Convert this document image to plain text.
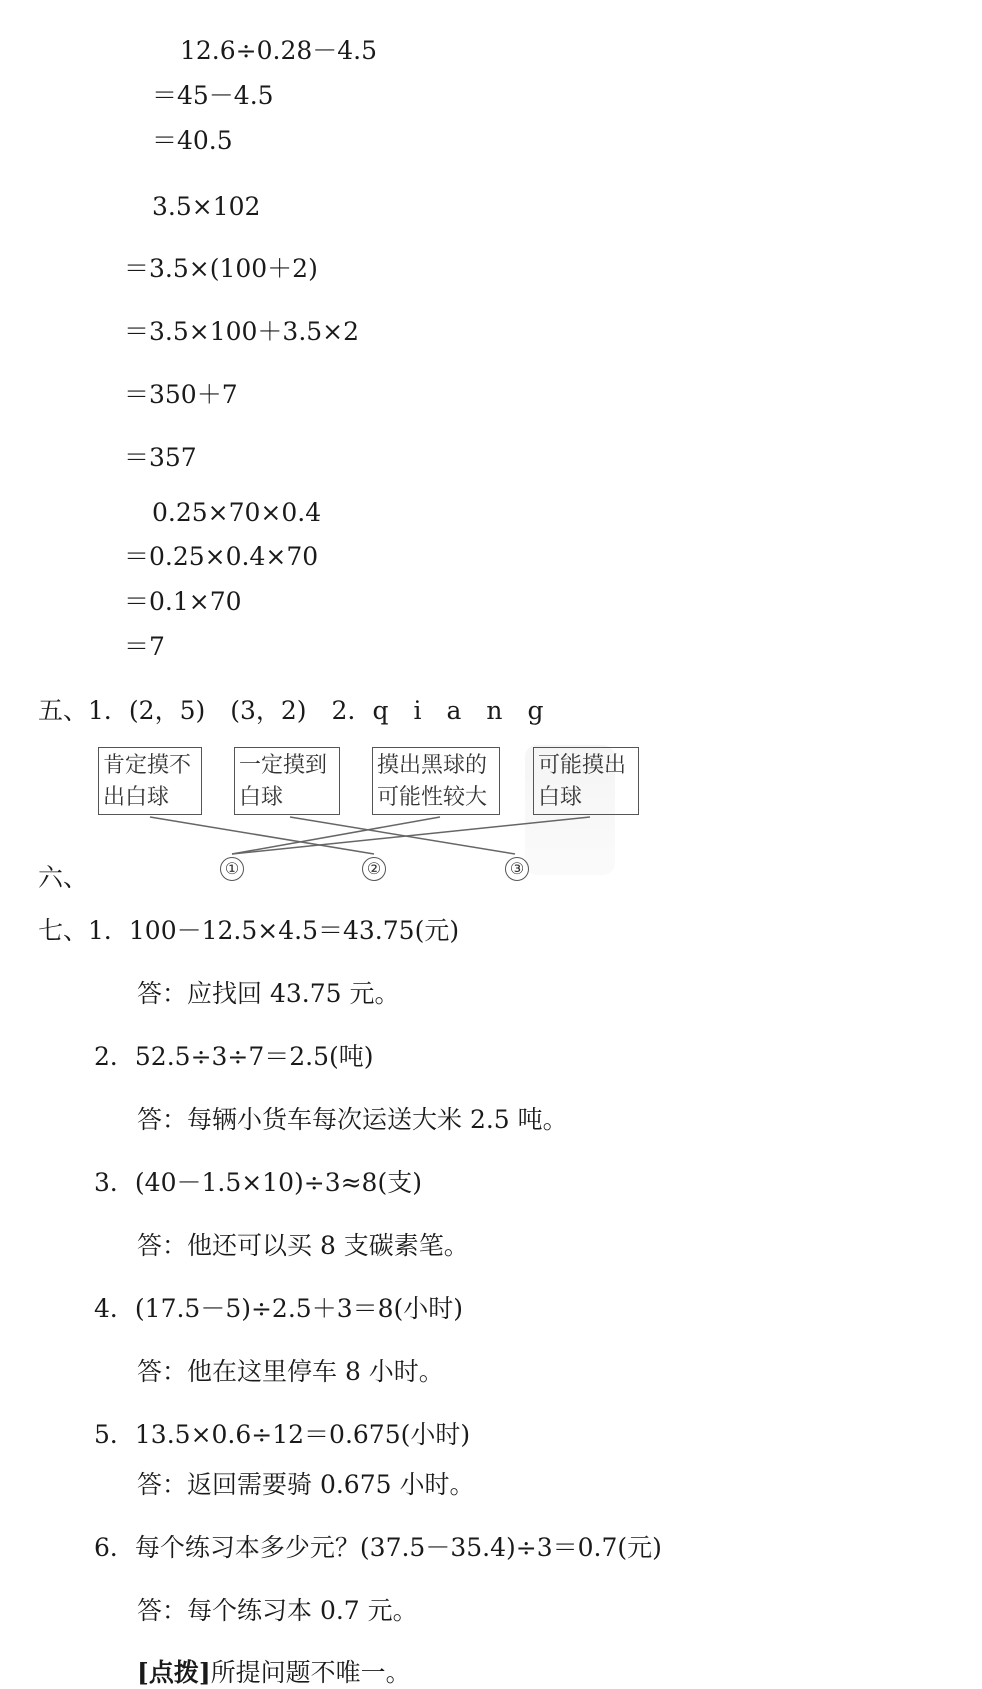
12.6÷0.28－4.5
＝45－4.5
＝40.5
3.5×102
＝3.5×(100＋2)
＝3.5×100＋3.5×2
＝350＋7
＝357
0.25×70×0.4
＝0.25×0.4×70
＝0.1×70
＝7
五、1．(2，5)　(3，2)　2．q　i　a　n　g
肯定摸不
出白球
一定摸到
白球
摸出黑球的
可能性较大
可能摸出
白球
六、	①	②	③
七、1．100－12.5×4.5＝43.75(元)
答：应找回 43.75 元。
2．52.5÷3÷7＝2.5(吨)
答：每辆小货车每次运送大米 2.5 吨。
3．(40－1.5×10)÷3≈8(支)
答：他还可以买 8 支碳素笔。
4．(17.5－5)÷2.5＋3＝8(小时)
答：他在这里停车 8 小时。
5．13.5×0.6÷12＝0.675(小时)
答：返回需要骑 0.675 小时。
6．每个练习本多少元？(37.5－35.4)÷3＝0.7(元)
答：每个练习本 0.7 元。
[点拨]所提问题不唯一。
